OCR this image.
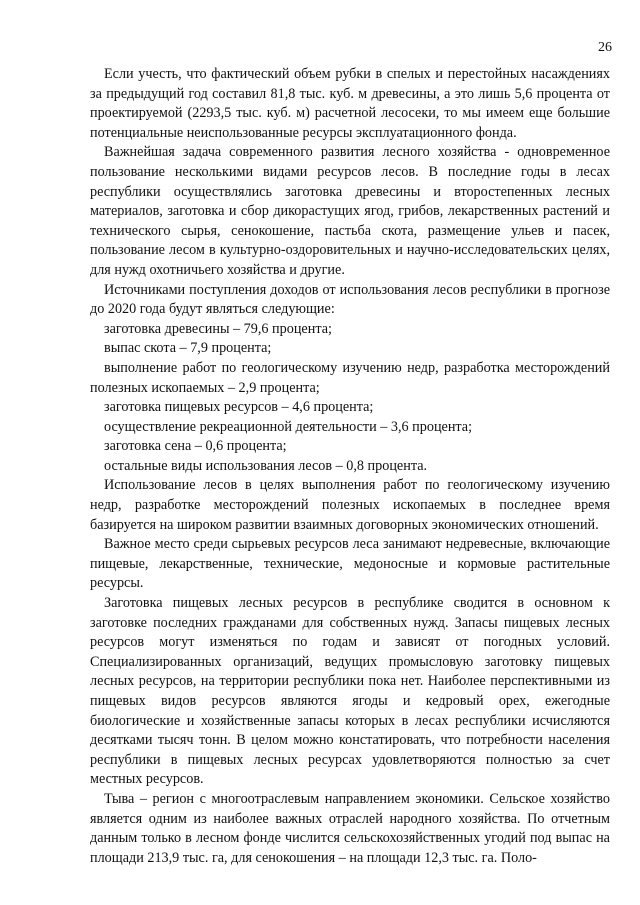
26

Если учесть, что фактический объем рубки в спелых и перестойных насаждениях за предыдущий год составил 81,8 тыс. куб. м древесины, а это лишь 5,6 процента от проектируемой (2293,5 тыс. куб. м) расчетной лесосеки, то мы имеем еще большие потенциальные неиспользованные ресурсы эксплуатационного фонда.

Важнейшая задача современного развития лесного хозяйства - одновременное пользование несколькими видами ресурсов лесов. В последние годы в лесах республики осуществлялись заготовка древесины и второстепенных лесных материалов, заготовка и сбор дикорастущих ягод, грибов, лекарственных растений и технического сырья, сенокошение, пастьба скота, размещение ульев и пасек, пользование лесом в культурно-оздоровительных и научно-исследовательских целях, для нужд охотничьего хозяйства и другие.

Источниками поступления доходов от использования лесов республики в прогнозе до 2020 года будут являться следующие:

заготовка древесины – 79,6 процента;

выпас скота – 7,9 процента;

выполнение работ по геологическому изучению недр, разработка месторождений полезных ископаемых – 2,9 процента;

заготовка пищевых ресурсов – 4,6 процента;

осуществление рекреационной деятельности – 3,6 процента;

заготовка сена – 0,6 процента;

остальные виды использования лесов – 0,8 процента.

Использование лесов в целях выполнения работ по геологическому изучению недр, разработке месторождений полезных ископаемых в последнее время базируется на широком развитии взаимных договорных экономических отношений.

Важное место среди сырьевых ресурсов леса занимают недревесные, включающие пищевые, лекарственные, технические, медоносные и кормовые растительные ресурсы.

Заготовка пищевых лесных ресурсов в республике сводится в основном к заготовке последних гражданами для собственных нужд. Запасы пищевых лесных ресурсов могут изменяться по годам и зависят от погодных условий. Специализированных организаций, ведущих промысловую заготовку пищевых лесных ресурсов, на территории республики пока нет. Наиболее перспективными из пищевых видов ресурсов являются ягоды и кедровый орех, ежегодные биологические и хозяйственные запасы которых в лесах республики исчисляются десятками тысяч тонн. В целом можно констатировать, что потребности населения республики в пищевых лесных ресурсах удовлетворяются полностью за счет местных ресурсов.

Тыва – регион с многоотраслевым направлением экономики. Сельское хозяйство является одним из наиболее важных отраслей народного хозяйства. По отчетным данным только в лесном фонде числится сельскохозяйственных угодий под выпас на площади 213,9 тыс. га, для сенокошения – на площади 12,3 тыс. га. Поло-
